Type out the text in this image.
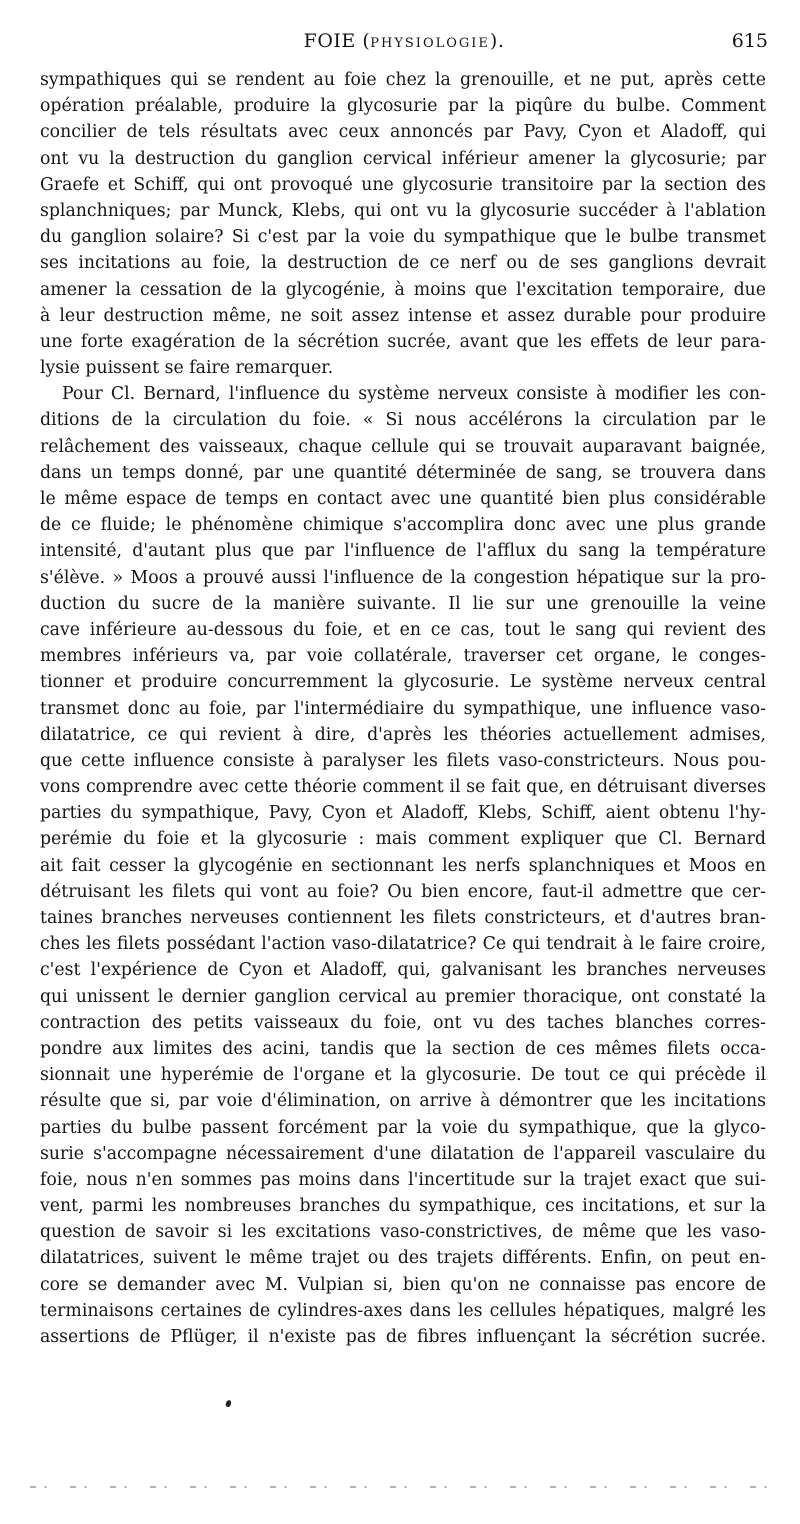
FOIE (PHYSIOLOGIE).	615
sympathiques qui se rendent au foie chez la grenouille, et ne put, après cette
opération préalable, produire la glycosurie par la piqûre du bulbe. Comment
concilier de tels résultats avec ceux annoncés par Pavy, Cyon et Aladoff, qui
ont vu la destruction du ganglion cervical inférieur amener la glycosurie; par
Graefe et Schiff, qui ont provoqué une glycosurie transitoire par la section des
splanchniques; par Munck, Klebs, qui ont vu la glycosurie succéder à l'ablation
du ganglion solaire? Si c'est par la voie du sympathique que le bulbe transmet
ses incitations au foie, la destruction de ce nerf ou de ses ganglions devrait
amener la cessation de la glycogénie, à moins que l'excitation temporaire, due
à leur destruction même, ne soit assez intense et assez durable pour produire
une forte exagération de la sécrétion sucrée, avant que les effets de leur para-
lysie puissent se faire remarquer.
Pour Cl. Bernard, l'influence du système nerveux consiste à modifier les con-
ditions de la circulation du foie. « Si nous accélérons la circulation par le
relâchement des vaisseaux, chaque cellule qui se trouvait auparavant baignée,
dans un temps donné, par une quantité déterminée de sang, se trouvera dans
le même espace de temps en contact avec une quantité bien plus considérable
de ce fluide; le phénomène chimique s'accomplira donc avec une plus grande
intensité, d'autant plus que par l'influence de l'afflux du sang la température
s'élève. » Moos a prouvé aussi l'influence de la congestion hépatique sur la pro-
duction du sucre de la manière suivante. Il lie sur une grenouille la veine
cave inférieure au-dessous du foie, et en ce cas, tout le sang qui revient des
membres inférieurs va, par voie collatérale, traverser cet organe, le conges-
tionner et produire concurremment la glycosurie. Le système nerveux central
transmet donc au foie, par l'intermédiaire du sympathique, une influence vaso-
dilatatrice, ce qui revient à dire, d'après les théories actuellement admises,
que cette influence consiste à paralyser les filets vaso-constricteurs. Nous pou-
vons comprendre avec cette théorie comment il se fait que, en détruisant diverses
parties du sympathique, Pavy, Cyon et Aladoff, Klebs, Schiff, aient obtenu l'hy-
perémie du foie et la glycosurie : mais comment expliquer que Cl. Bernard
ait fait cesser la glycogénie en sectionnant les nerfs splanchniques et Moos en
détruisant les filets qui vont au foie? Ou bien encore, faut-il admettre que cer-
taines branches nerveuses contiennent les filets constricteurs, et d'autres bran-
ches les filets possédant l'action vaso-dilatatrice? Ce qui tendrait à le faire croire,
c'est l'expérience de Cyon et Aladoff, qui, galvanisant les branches nerveuses
qui unissent le dernier ganglion cervical au premier thoracique, ont constaté la
contraction des petits vaisseaux du foie, ont vu des taches blanches corres-
pondre aux limites des acini, tandis que la section de ces mêmes filets occa-
sionnait une hyperémie de l'organe et la glycosurie. De tout ce qui précède il
résulte que si, par voie d'élimination, on arrive à démontrer que les incitations
parties du bulbe passent forcément par la voie du sympathique, que la glyco-
surie s'accompagne nécessairement d'une dilatation de l'appareil vasculaire du
foie, nous n'en sommes pas moins dans l'incertitude sur la trajet exact que sui-
vent, parmi les nombreuses branches du sympathique, ces incitations, et sur la
question de savoir si les excitations vaso-constrictives, de même que les vaso-
dilatatrices, suivent le même trajet ou des trajets différents. Enfin, on peut en-
core se demander avec M. Vulpian si, bien qu'on ne connaisse pas encore de
terminaisons certaines de cylindres-axes dans les cellules hépatiques, malgré les
assertions de Pflüger, il n'existe pas de fibres influençant la sécrétion sucrée.
